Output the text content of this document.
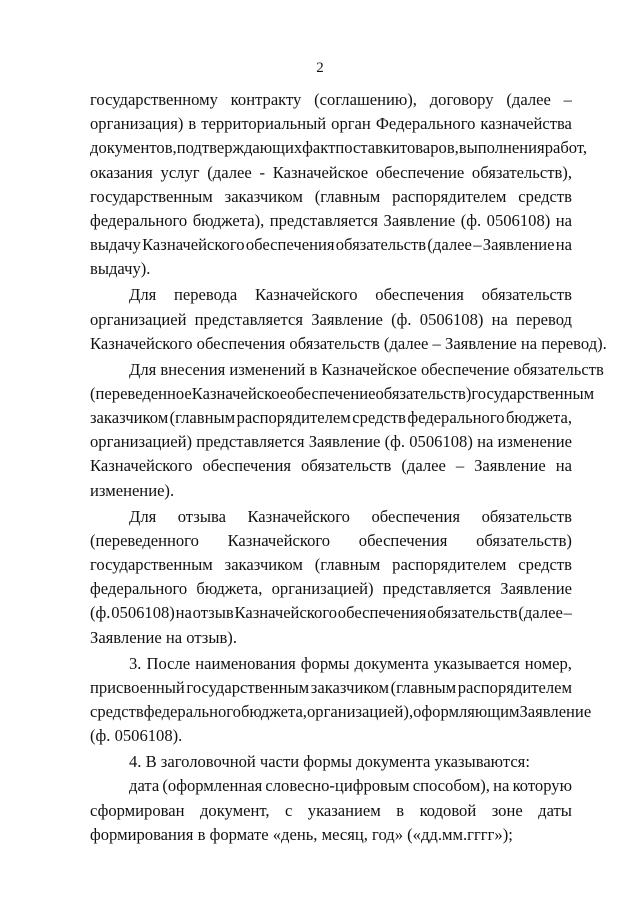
2
государственному контракту (соглашению), договору (далее –
организация) в территориальный орган Федерального казначейства
документов, подтверждающих факт поставки товаров, выполнения работ,
оказания услуг (далее - Казначейское обеспечение обязательств),
государственным заказчиком (главным распорядителем средств
федерального бюджета), представляется Заявление (ф. 0506108) на
выдачу Казначейского обеспечения обязательств (далее – Заявление на
выдачу).
Для перевода Казначейского обеспечения обязательств
организацией представляется Заявление (ф. 0506108) на перевод
Казначейского обеспечения обязательств (далее – Заявление на перевод).
Для внесения изменений в Казначейское обеспечение обязательств
(переведенное Казначейское обеспечение обязательств) государственным
заказчиком (главным распорядителем средств федерального бюджета,
организацией) представляется Заявление (ф. 0506108) на изменение
Казначейского обеспечения обязательств (далее – Заявление на
изменение).
Для отзыва Казначейского обеспечения обязательств
(переведенного Казначейского обеспечения обязательств)
государственным заказчиком (главным распорядителем средств
федерального бюджета, организацией) представляется Заявление
(ф. 0506108) на отзыв Казначейского обеспечения обязательств (далее –
Заявление на отзыв).
3. После наименования формы документа указывается номер,
присвоенный государственным заказчиком (главным распорядителем
средств федерального бюджета, организацией), оформляющим Заявление
(ф. 0506108).
4. В заголовочной части формы документа указываются:
дата (оформленная словесно-цифровым способом), на которую
сформирован документ, с указанием в кодовой зоне даты
формирования в формате «день, месяц, год» («дд.мм.гггг»);
